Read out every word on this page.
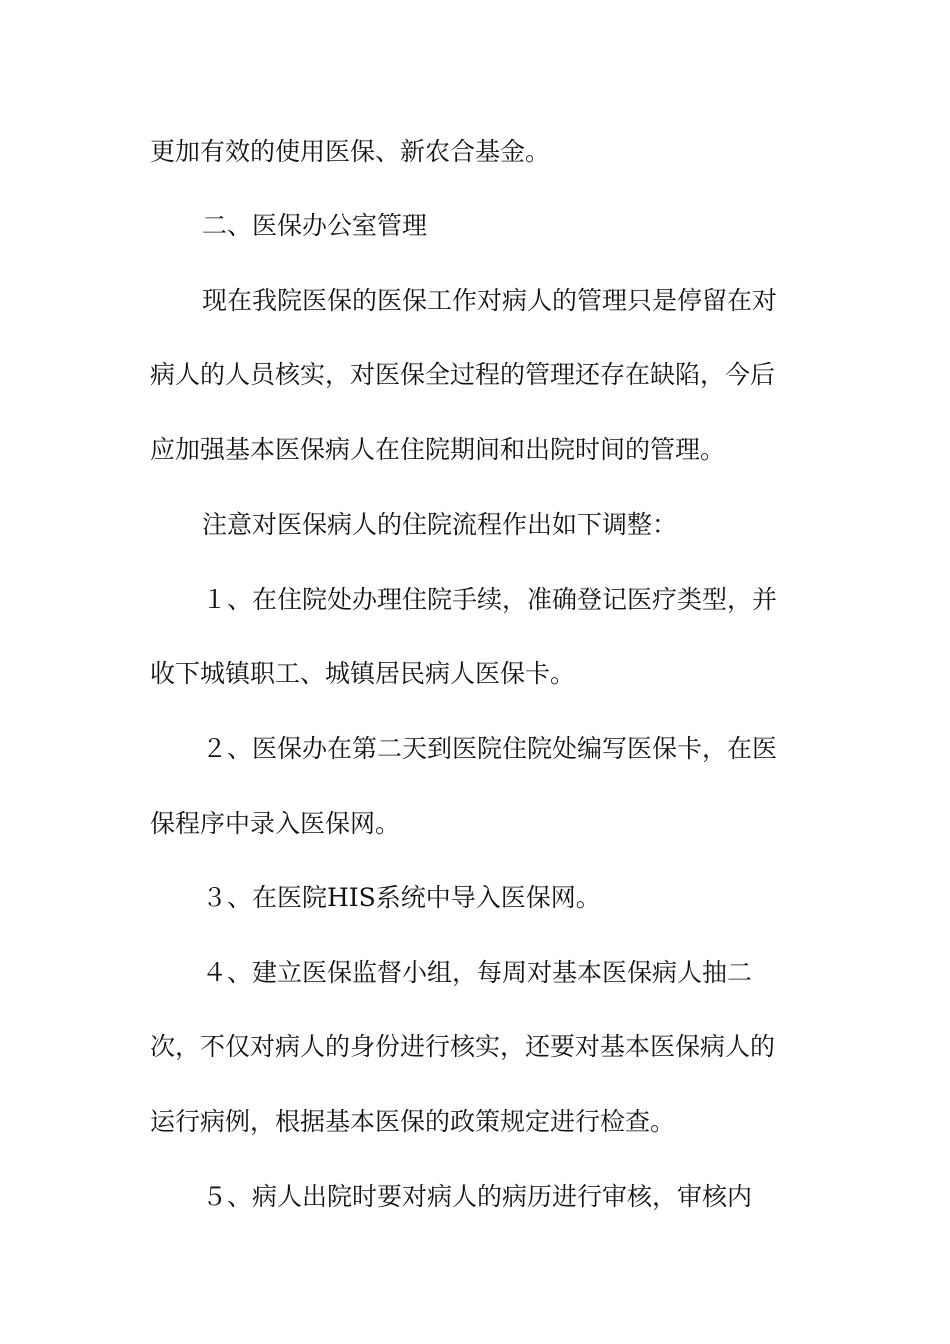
更加有效的使用医保、新农合基金。
二、医保办公室管理
现在我院医保的医保工作对病人的管理只是停留在对
病人的人员核实，对医保全过程的管理还存在缺陷，今后
应加强基本医保病人在住院期间和出院时间的管理。
注意对医保病人的住院流程作出如下调整：
１、在住院处办理住院手续，准确登记医疗类型，并
收下城镇职工、城镇居民病人医保卡。
２、医保办在第二天到医院住院处编写医保卡，在医
保程序中录入医保网。
３、在医院HIS系统中导入医保网。
４、建立医保监督小组，每周对基本医保病人抽二
次，不仅对病人的身份进行核实，还要对基本医保病人的
运行病例，根据基本医保的政策规定进行检查。
５、病人出院时要对病人的病历进行审核，审核内
